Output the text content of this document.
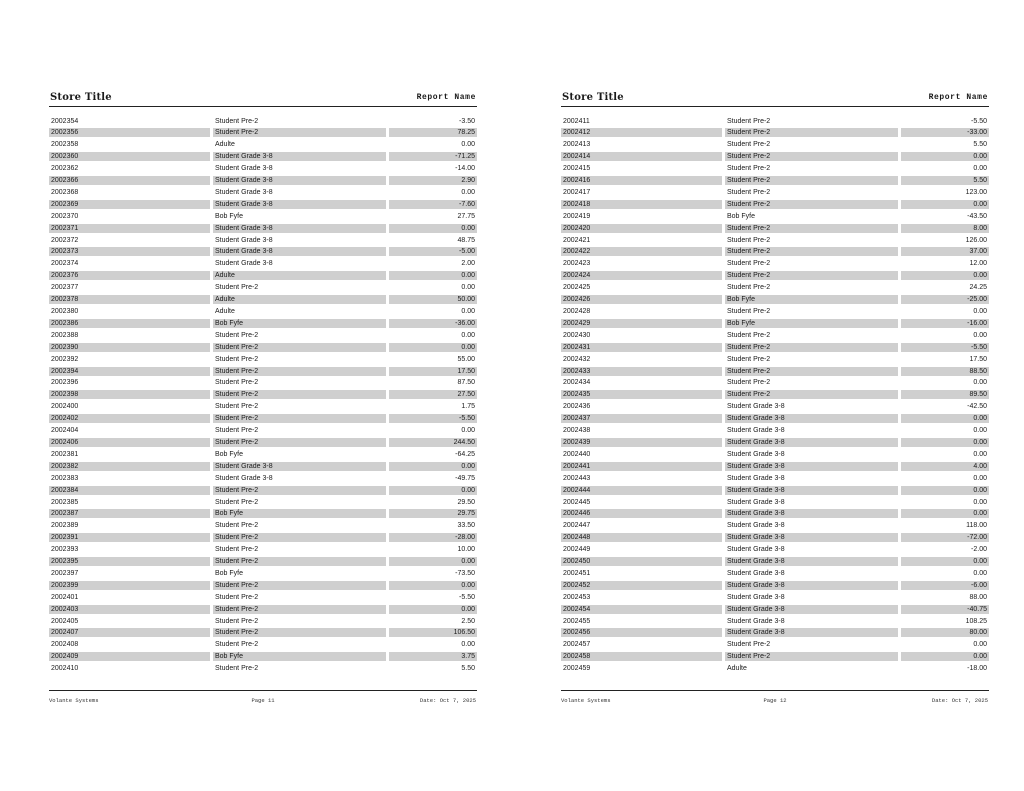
Store Title	Report Name
2002354	Student Pre-2	-3.50
2002356	Student Pre-2	78.25
2002358	Adulte	0.00
2002360	Student Grade 3-8	-71.25
2002362	Student Grade 3-8	-14.00
2002366	Student Grade 3-8	2.90
2002368	Student Grade 3-8	0.00
2002369	Student Grade 3-8	-7.60
2002370	Bob Fyfe	27.75
2002371	Student Grade 3-8	0.00
2002372	Student Grade 3-8	48.75
2002373	Student Grade 3-8	-5.00
2002374	Student Grade 3-8	2.00
2002376	Adulte	0.00
2002377	Student Pre-2	0.00
2002378	Adulte	50.00
2002380	Adulte	0.00
2002386	Bob Fyfe	-36.00
2002388	Student Pre-2	0.00
2002390	Student Pre-2	0.00
2002392	Student Pre-2	55.00
2002394	Student Pre-2	17.50
2002396	Student Pre-2	87.50
2002398	Student Pre-2	27.50
2002400	Student Pre-2	1.75
2002402	Student Pre-2	-5.50
2002404	Student Pre-2	0.00
2002406	Student Pre-2	244.50
2002381	Bob Fyfe	-64.25
2002382	Student Grade 3-8	0.00
2002383	Student Grade 3-8	-49.75
2002384	Student Pre-2	0.00
2002385	Student Pre-2	29.50
2002387	Bob Fyfe	29.75
2002389	Student Pre-2	33.50
2002391	Student Pre-2	-28.00
2002393	Student Pre-2	10.00
2002395	Student Pre-2	0.00
2002397	Bob Fyfe	-73.50
2002399	Student Pre-2	0.00
2002401	Student Pre-2	-5.50
2002403	Student Pre-2	0.00
2002405	Student Pre-2	2.50
2002407	Student Pre-2	106.50
2002408	Student Pre-2	0.00
2002409	Bob Fyfe	3.75
2002410	Student Pre-2	5.50
Volante Systems	Page 11	Date: Oct 7, 2025
Store Title	Report Name
2002411	Student Pre-2	-5.50
2002412	Student Pre-2	-33.00
2002413	Student Pre-2	5.50
2002414	Student Pre-2	0.00
2002415	Student Pre-2	0.00
2002416	Student Pre-2	5.50
2002417	Student Pre-2	123.00
2002418	Student Pre-2	0.00
2002419	Bob Fyfe	-43.50
2002420	Student Pre-2	8.00
2002421	Student Pre-2	126.00
2002422	Student Pre-2	37.00
2002423	Student Pre-2	12.00
2002424	Student Pre-2	0.00
2002425	Student Pre-2	24.25
2002426	Bob Fyfe	-25.00
2002428	Student Pre-2	0.00
2002429	Bob Fyfe	-16.00
2002430	Student Pre-2	0.00
2002431	Student Pre-2	-5.50
2002432	Student Pre-2	17.50
2002433	Student Pre-2	88.50
2002434	Student Pre-2	0.00
2002435	Student Pre-2	89.50
2002436	Student Grade 3-8	-42.50
2002437	Student Grade 3-8	0.00
2002438	Student Grade 3-8	0.00
2002439	Student Grade 3-8	0.00
2002440	Student Grade 3-8	0.00
2002441	Student Grade 3-8	4.00
2002443	Student Grade 3-8	0.00
2002444	Student Grade 3-8	0.00
2002445	Student Grade 3-8	0.00
2002446	Student Grade 3-8	0.00
2002447	Student Grade 3-8	118.00
2002448	Student Grade 3-8	-72.00
2002449	Student Grade 3-8	-2.00
2002450	Student Grade 3-8	0.00
2002451	Student Grade 3-8	0.00
2002452	Student Grade 3-8	-6.00
2002453	Student Grade 3-8	88.00
2002454	Student Grade 3-8	-40.75
2002455	Student Grade 3-8	108.25
2002456	Student Grade 3-8	80.00
2002457	Student Pre-2	0.00
2002458	Student Pre-2	0.00
2002459	Adulte	-18.00
Volante Systems	Page 12	Date: Oct 7, 2025
